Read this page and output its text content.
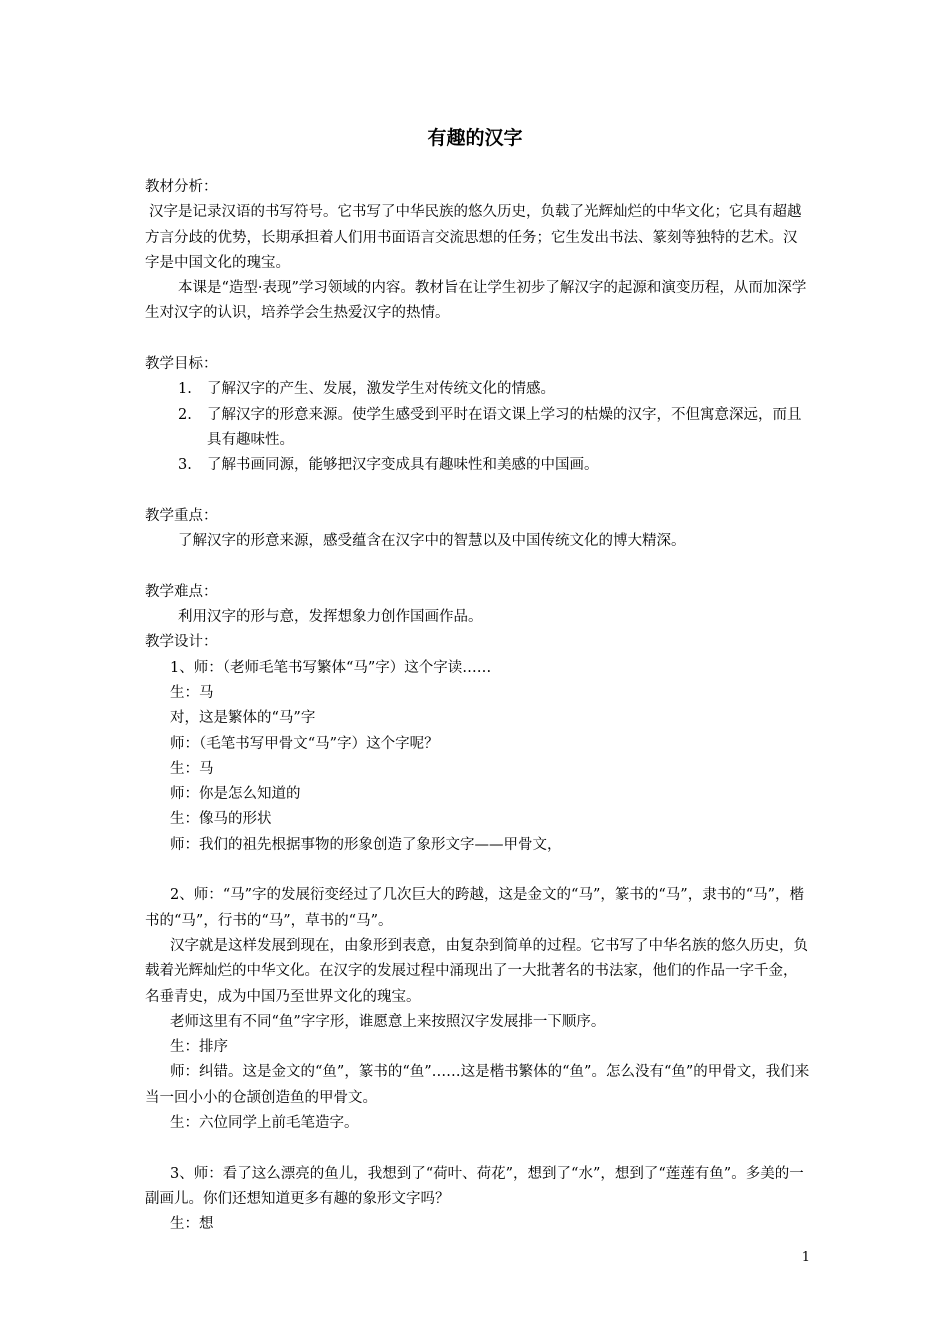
有趣的汉字

教材分析：

汉字是记录汉语的书写符号。它书写了中华民族的悠久历史，负载了光辉灿烂的中华文化；它具有超越方言分歧的优势，长期承担着人们用书面语言交流思想的任务；它生发出书法、篆刻等独特的艺术。汉字是中国文化的瑰宝。

本课是“造型·表现”学习领域的内容。教材旨在让学生初步了解汉字的起源和演变历程，从而加深学生对汉字的认识，培养学会生热爱汉字的热情。

教学目标：

1. 了解汉字的产生、发展，激发学生对传统文化的情感。
2. 了解汉字的形意来源。使学生感受到平时在语文课上学习的枯燥的汉字，不但寓意深远，而且具有趣味性。
3. 了解书画同源，能够把汉字变成具有趣味性和美感的中国画。

教学重点：

了解汉字的形意来源，感受蕴含在汉字中的智慧以及中国传统文化的博大精深。

教学难点：

利用汉字的形与意，发挥想象力创作国画作品。

教学设计：

1、师：（老师毛笔书写繁体“马”字）这个字读……

生：马

对，这是繁体的“马”字

师：（毛笔书写甲骨文“马”字）这个字呢？

生：马

师：你是怎么知道的

生：像马的形状

师：我们的祖先根据事物的形象创造了象形文字——甲骨文，

2、师：“马”字的发展衍变经过了几次巨大的跨越，这是金文的“马”，篆书的“马”，隶书的“马”，楷书的“马”，行书的“马”，草书的“马”。

汉字就是这样发展到现在，由象形到表意，由复杂到简单的过程。它书写了中华名族的悠久历史，负载着光辉灿烂的中华文化。在汉字的发展过程中涌现出了一大批著名的书法家，他们的作品一字千金，名垂青史，成为中国乃至世界文化的瑰宝。

老师这里有不同“鱼”字字形，谁愿意上来按照汉字发展排一下顺序。

生：排序

师：纠错。这是金文的“鱼”，篆书的“鱼”……这是楷书繁体的“鱼”。怎么没有“鱼”的甲骨文，我们来当一回小小的仓颉创造鱼的甲骨文。

生：六位同学上前毛笔造字。

3、师：看了这么漂亮的鱼儿，我想到了“荷叶、荷花”，想到了“水”，想到了“莲莲有鱼”。多美的一副画儿。你们还想知道更多有趣的象形文字吗？

生：想

1
